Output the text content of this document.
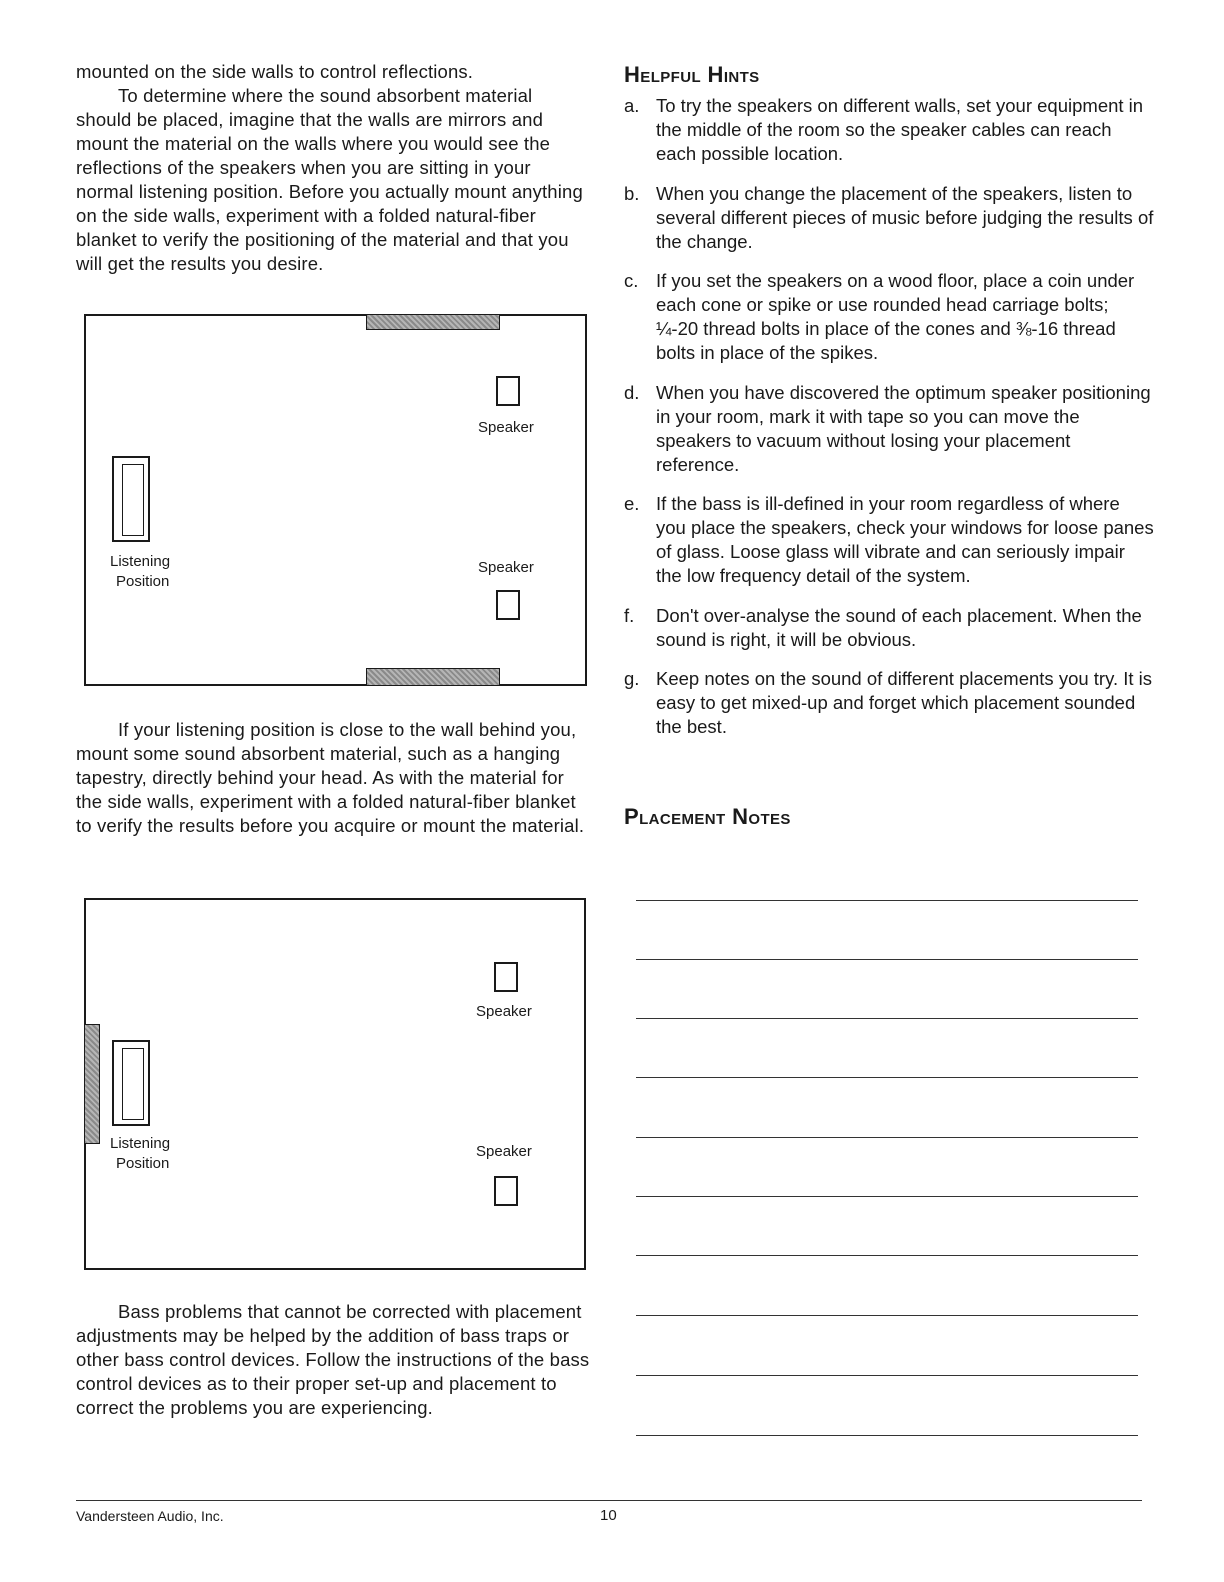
mounted on the side walls to control reflections.

To determine where the sound absorbent material should be placed, imagine that the walls are mirrors and mount the material on the walls where you would see the reflections of the speakers when you are sitting in your normal listening position. Before you actually mount anything on the side walls, experiment with a folded natural-fiber blanket to verify the positioning of the material and that you will get the results you desire.

Speaker
Speaker
Listening
Position

If your listening position is close to the wall behind you, mount some sound absorbent material, such as a hanging tapestry, directly behind your head. As with the material for the side walls, experiment with a folded natural-fiber blanket to verify the results before you acquire or mount the material.

Speaker
Speaker
Listening
Position

Bass problems that cannot be corrected with placement adjustments may be helped by the addition of bass traps or other bass control devices. Follow the instructions of the bass control devices as to their proper set-up and placement to correct the problems you are experiencing.

Helpful Hints
a. To try the speakers on different walls, set your equipment in the middle of the room so the speaker cables can reach each possible location.
b. When you change the placement of the speakers, listen to several different pieces of music before judging the results of the change.
c. If you set the speakers on a wood floor, place a coin under each cone or spike or use rounded head carriage bolts; ¼-20 thread bolts in place of the cones and ⅜-16 thread bolts in place of the spikes.
d. When you have discovered the optimum speaker positioning in your room, mark it with tape so you can move the speakers to vacuum without losing your placement reference.
e. If the bass is ill-defined in your room regardless of where you place the speakers, check your windows for loose panes of glass. Loose glass will vibrate and can seriously impair the low frequency detail of the system.
f. Don't over-analyse the sound of each placement. When the sound is right, it will be obvious.
g. Keep notes on the sound of different placements you try. It is easy to get mixed-up and forget which placement sounded the best.
Placement Notes
Vandersteen Audio, Inc.	10
